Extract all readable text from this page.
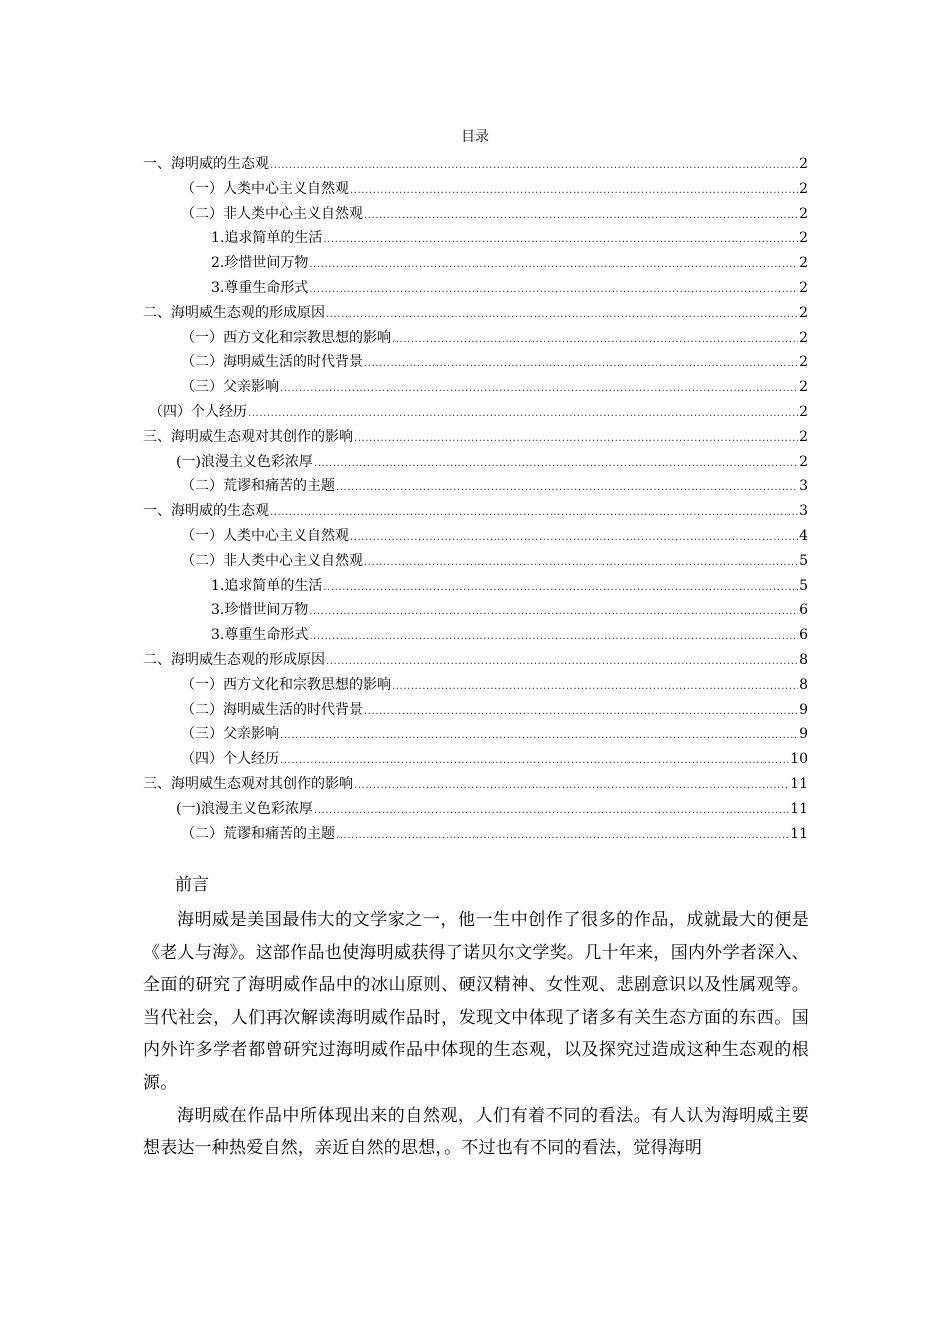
目录
一、海明威的生态观 .....	2
（一）人类中心主义自然观 .....	2
（二）非人类中心主义自然观 .....	2
1.追求简单的生活 .....	2
2.珍惜世间万物 .....	2
3.尊重生命形式 .....	2
二、海明威生态观的形成原因 .....	2
（一）西方文化和宗教思想的影响 .....	2
（二）海明威生活的时代背景 .....	2
（三）父亲影响 .....	2
（四）个人经历 .....	2
三、海明威生态观对其创作的影响 .....	2
(一)浪漫主义色彩浓厚 .....	2
（二）荒谬和痛苦的主题 .....	3
一、海明威的生态观 .....	3
（一）人类中心主义自然观 .....	4
（二）非人类中心主义自然观 .....	5
1.追求简单的生活 .....	5
3.珍惜世间万物 .....	6
3.尊重生命形式 .....	6
二、海明威生态观的形成原因 .....	8
（一）西方文化和宗教思想的影响 .....	8
（二）海明威生活的时代背景 .....	9
（三）父亲影响 .....	9
（四）个人经历 .....	10
三、海明威生态观对其创作的影响 .....	11
(一)浪漫主义色彩浓厚 .....	11
（二）荒谬和痛苦的主题 .....	11
前言

海明威是美国最伟大的文学家之一，他一生中创作了很多的作品，成就最大的便是《老人与海》。这部作品也使海明威获得了诺贝尔文学奖。几十年来，国内外学者深入、全面的研究了海明威作品中的冰山原则、硬汉精神、女性观、悲剧意识以及性属观等。当代社会，人们再次解读海明威作品时，发现文中体现了诸多有关生态方面的东西。国内外许多学者都曾研究过海明威作品中体现的生态观，以及探究过造成这种生态观的根源。

海明威在作品中所体现出来的自然观，人们有着不同的看法。有人认为海明威主要想表达一种热爱自然，亲近自然的思想，。不过也有不同的看法，觉得海明
